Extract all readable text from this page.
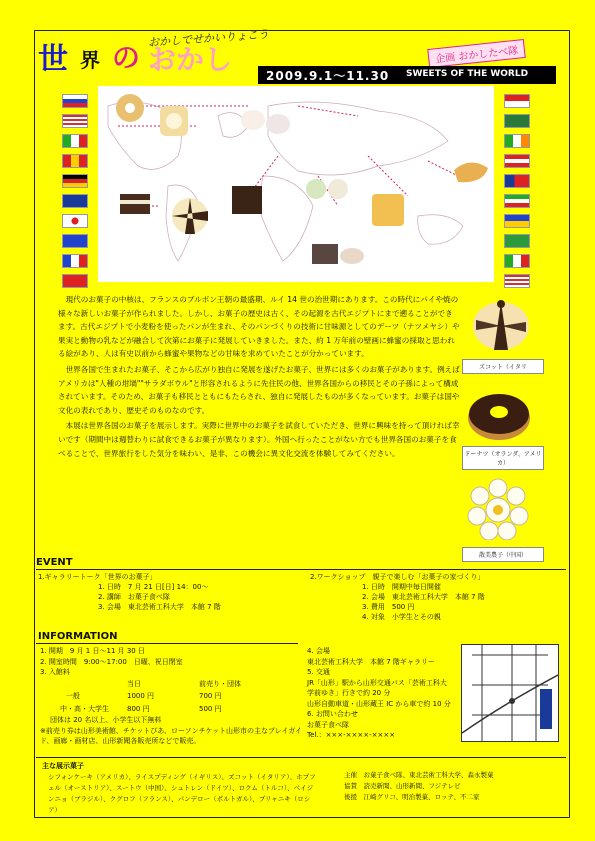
おかしでせかいりょこう
世 界 の おかし	企画 おかしたべ隊
2009.9.1～11.30 SWEETS OF THE WORLD

現代のお菓子の中核は、フランスのブルボン王朝の最盛期、ルイ 14 世の治世期にあります。この時代にパイや焼の様々な新しいお菓子が作られました。しかし、お菓子の歴史は古く、その起源を古代エジプトにまで遡ることができます。古代エジプトで小麦粉を使ったパンが生まれ、そのパンづくりの技術に甘味源としてのデーツ（ナツメヤシ）や果実と動物の乳などが融合して次第にお菓子に発展していきました。また、約 1 万年前の壁画に蜂蜜の採取と思われる絵があり、人は有史以前から蜂蜜や果物などの甘味を求めていたことが分かっています。

世界各国で生まれたお菓子、そこから広がり独自に発展を遂げたお菓子、世界には多くのお菓子があります。例えばアメリカは"人種の坩堝""サラダボウル"と形容されるように先住民の他、世界各国からの移民とその子孫によって構成されています。そのため、お菓子も移民とともにもたらされ、独自に発展したものが多くなっています。お菓子は国や文化の表れであり、歴史そのものなのです。

本展は世界各国のお菓子を展示します。実際に世界中のお菓子を試食していただき、世界に興味を持って頂ければ幸いです（期間中は週替わりに試食できるお菓子が異なります）。外国へ行ったことがない方でも世界各国のお菓子を食べることで、世界旅行をした気分を味わい、是非、この機会に異文化交流を体験してみてください。

ズコット（イタリ
ドーナツ（オランダ、アメリカ）
散美農子（中国）
EVENT
1.ギャラリートーク「世界のお菓子」
1. 日時　7 月 21 日[日] 14：00～
2. 講師　お菓子食べ隊
3. 会場　東北芸術工科大学　本館 7 階
2.ワークショップ　親子で楽しむ「お菓子の家づくり」
1. 日時　開期中毎日開催
2. 会場　東北芸術工科大学　本館 7 階
3. 費用　500 円
4. 対象　小学生とその親
INFORMATION
1. 開期　9 月 1 日～11 月 30 日
2. 開室時間　9:00～17:00　日曜、祝日閉室
3. 入館料
	当日	前売り・団体
一般	1000 円	700 円
中・高・大学生	800 円	500 円
団体は 20 名以上、小学生以下無料
※前売り券は山形美術館、チケットぴあ、ローソンチケット山形市の主なプレイガイド、画廊・画材店、山形新聞各販売所などで販売。
4. 会場
東北芸術工科大学　本館 7 階ギャラリー
5. 交通
JR「山形」駅から山形交通バス「芸術工科大学前ゆき」行きで約 20 分
山形自動車道・山形蔵王 IC から車で約 10 分
6. お問い合わせ
お菓子食べ隊
Tel.：×××-××××-××××
主な展示菓子
シフォンケーキ（アメリカ）、ライスプディング（イギリス）、ズコット（イタリア）、ホプフェル（オーストリア）、スートウ（中国）、シュトレン（ドイツ）、ロクム（トルコ）、ベイジンニョ（ブラジル）、クグロフ（フランス）、パンデロー（ポルトガル）、プリャニキ（ロシア）
主催　お菓子食べ隊、東北芸術工科大学、森永製菓
協賛　読売新聞、山形新聞、フジテレビ
後援　江崎グリコ、明治製菓、ロッテ、不二家
